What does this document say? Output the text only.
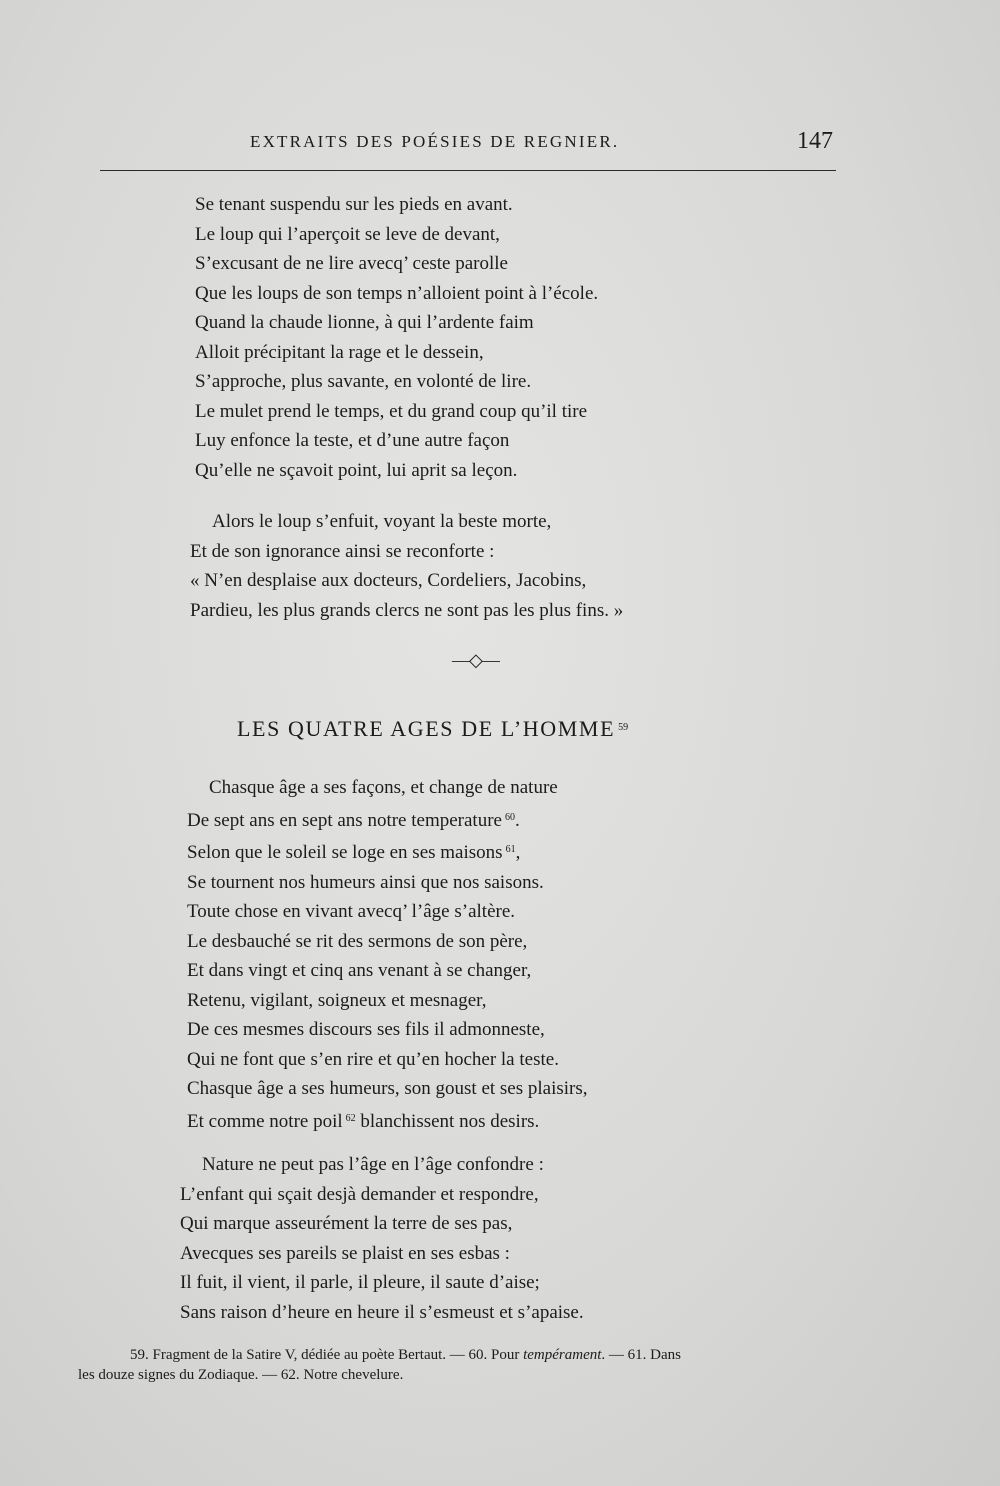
EXTRAITS DES POÉSIES DE REGNIER.	147
Se tenant suspendu sur les pieds en avant.
Le loup qui l’aperçoit se leve de devant,
S’excusant de ne lire avecq’ ceste parolle
Que les loups de son temps n’alloient point à l’école.
Quand la chaude lionne, à qui l’ardente faim
Alloit précipitant la rage et le dessein,
S’approche, plus savante, en volonté de lire.
Le mulet prend le temps, et du grand coup qu’il tire
Luy enfonce la teste, et d’une autre façon
Qu’elle ne sçavoit point, lui aprit sa leçon.
Alors le loup s’enfuit, voyant la beste morte,
Et de son ignorance ainsi se reconforte :
« N’en desplaise aux docteurs, Cordeliers, Jacobins,
Pardieu, les plus grands clercs ne sont pas les plus fins. »
—◇—
LES QUATRE AGES DE L’HOMME $^{59}$
Chasque âge a ses façons, et change de nature
De sept ans en sept ans notre temperature $^{60}$.
Selon que le soleil se loge en ses maisons $^{61}$,
Se tournent nos humeurs ainsi que nos saisons.
Toute chose en vivant avecq’ l’âge s’altère.
Le desbauché se rit des sermons de son père,
Et dans vingt et cinq ans venant à se changer,
Retenu, vigilant, soigneux et mesnager,
De ces mesmes discours ses fils il admonneste,
Qui ne font que s’en rire et qu’en hocher la teste.
Chasque âge a ses humeurs, son goust et ses plaisirs,
Et comme notre poil $^{62}$ blanchissent nos desirs.
Nature ne peut pas l’âge en l’âge confondre :
L’enfant qui sçait desjà demander et respondre,
Qui marque asseurément la terre de ses pas,
Avecques ses pareils se plaist en ses esbas :
Il fuit, il vient, il parle, il pleure, il saute d’aise;
Sans raison d’heure en heure il s’esmeust et s’apaise.
59. Fragment de la Satire V, dédiée au poète Bertaut. — 60. Pour tempérament. — 61. Dans
les douze signes du Zodiaque. — 62. Notre chevelure.
